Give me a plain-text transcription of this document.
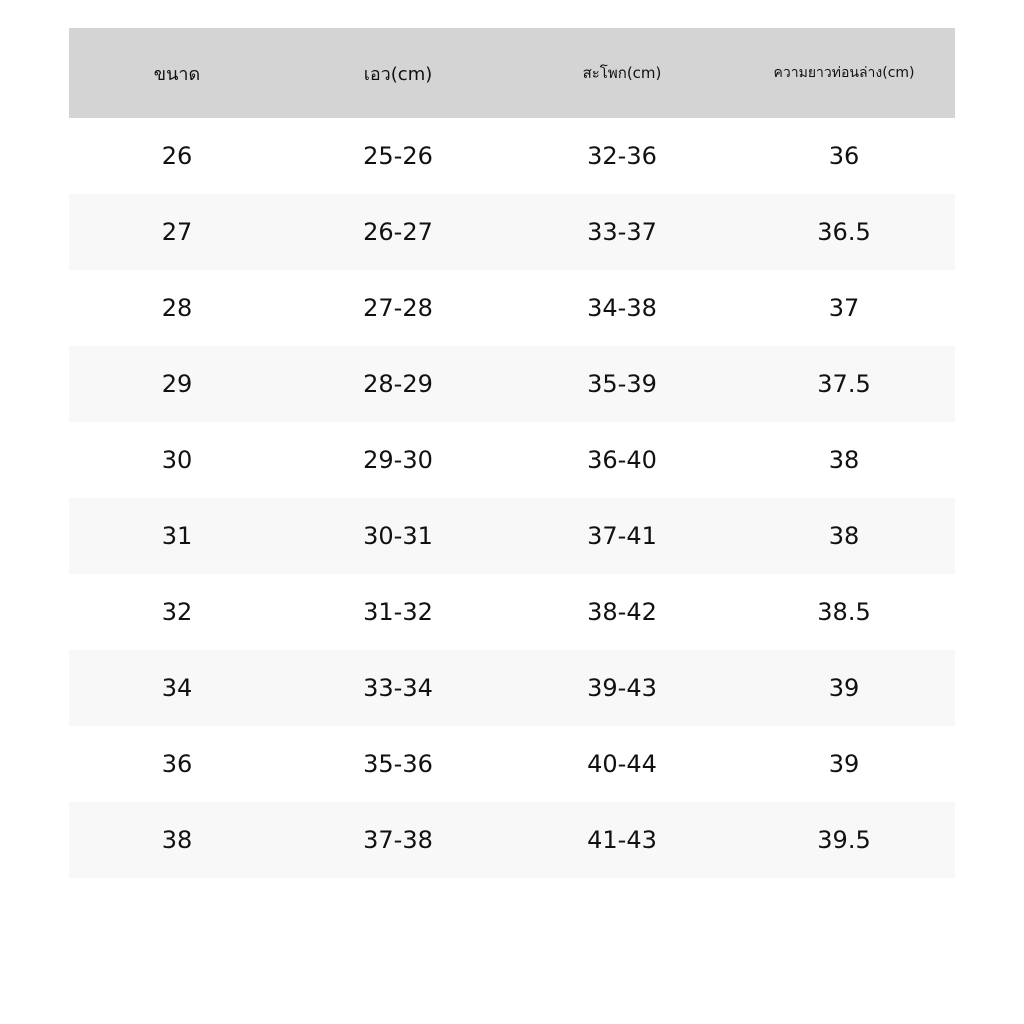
ขนาด	เอว(cm)	สะโพก(cm)	ความยาวท่อนล่าง(cm)
26	25-26	32-36	36
27	26-27	33-37	36.5
28	27-28	34-38	37
29	28-29	35-39	37.5
30	29-30	36-40	38
31	30-31	37-41	38
32	31-32	38-42	38.5
34	33-34	39-43	39
36	35-36	40-44	39
38	37-38	41-43	39.5
